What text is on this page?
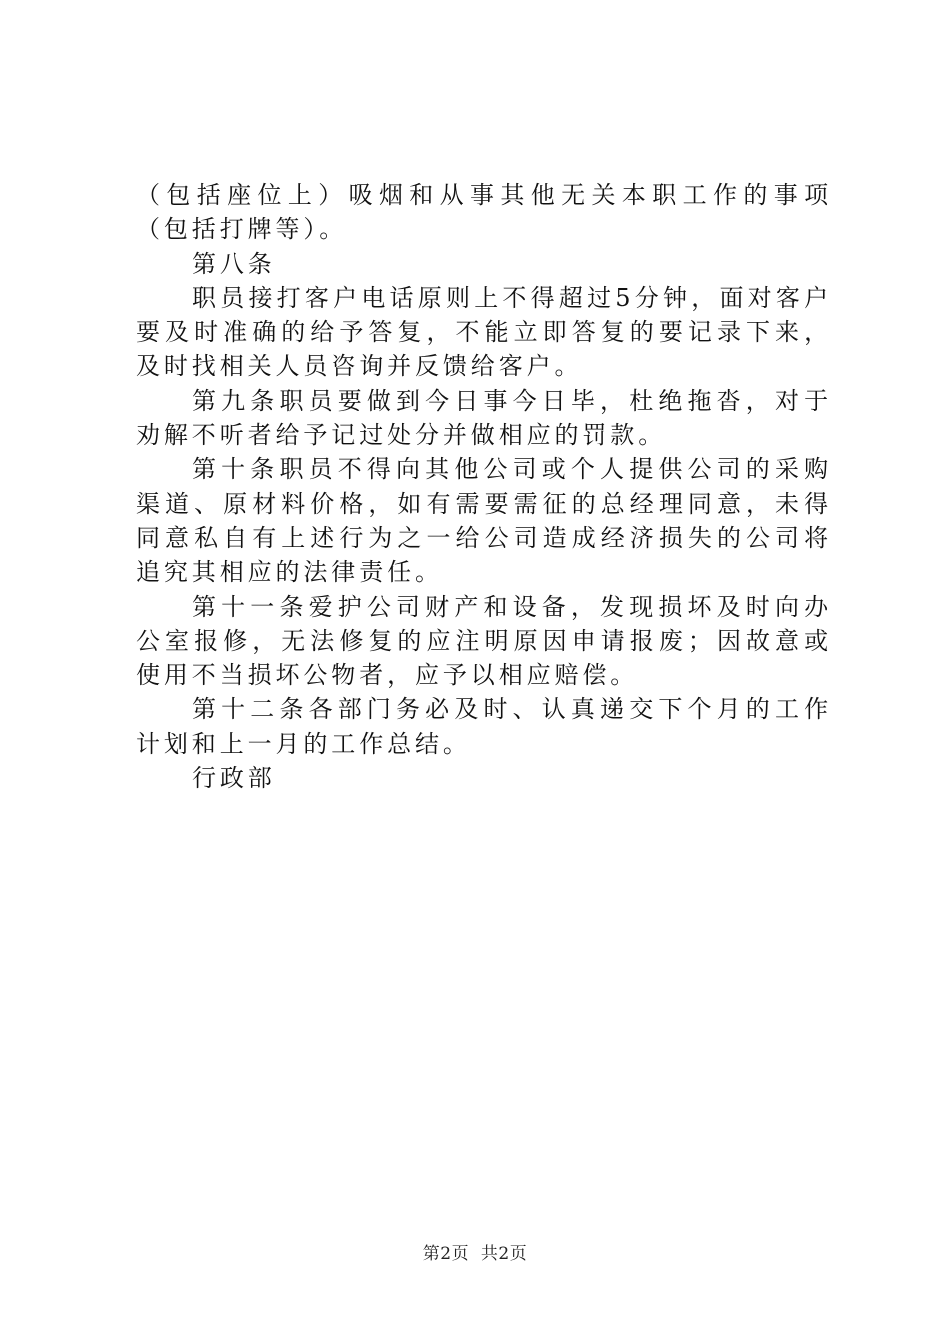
（包括座位上）吸烟和从事其他无关本职工作的事项（包括打牌等）。

第八条

职员接打客户电话原则上不得超过5分钟，面对客户要及时准确的给予答复，不能立即答复的要记录下来，及时找相关人员咨询并反馈给客户。

第九条职员要做到今日事今日毕，杜绝拖沓，对于劝解不听者给予记过处分并做相应的罚款。

第十条职员不得向其他公司或个人提供公司的采购渠道、原材料价格，如有需要需征的总经理同意，未得同意私自有上述行为之一给公司造成经济损失的公司将追究其相应的法律责任。

第十一条爱护公司财产和设备，发现损坏及时向办公室报修，无法修复的应注明原因申请报废；因故意或使用不当损坏公物者，应予以相应赔偿。

第十二条各部门务必及时、认真递交下个月的工作计划和上一月的工作总结。

行政部

第2页  共2页
